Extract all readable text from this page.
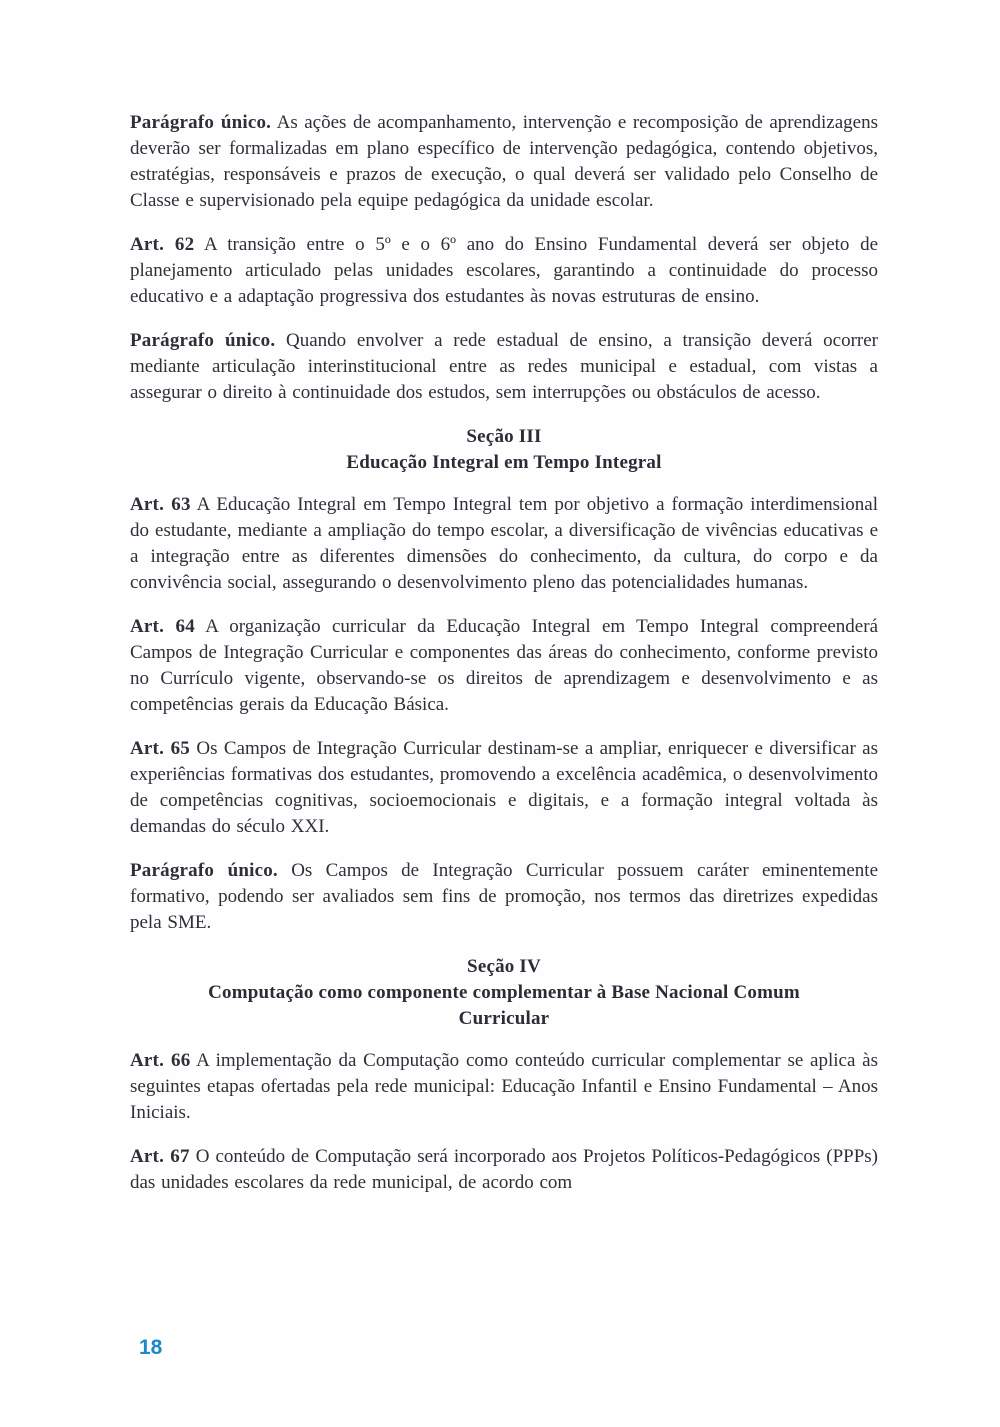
Parágrafo único. As ações de acompanhamento, intervenção e recomposição de aprendizagens deverão ser formalizadas em plano específico de intervenção pedagógica, contendo objetivos, estratégias, responsáveis e prazos de execução, o qual deverá ser validado pelo Conselho de Classe e supervisionado pela equipe pedagógica da unidade escolar.

Art. 62 A transição entre o 5º e o 6º ano do Ensino Fundamental deverá ser objeto de planejamento articulado pelas unidades escolares, garantindo a continuidade do processo educativo e a adaptação progressiva dos estudantes às novas estruturas de ensino.

Parágrafo único. Quando envolver a rede estadual de ensino, a transição deverá ocorrer mediante articulação interinstitucional entre as redes municipal e estadual, com vistas a assegurar o direito à continuidade dos estudos, sem interrupções ou obstáculos de acesso.

Seção III
Educação Integral em Tempo Integral

Art. 63 A Educação Integral em Tempo Integral tem por objetivo a formação interdimensional do estudante, mediante a ampliação do tempo escolar, a diversificação de vivências educativas e a integração entre as diferentes dimensões do conhecimento, da cultura, do corpo e da convivência social, assegurando o desenvolvimento pleno das potencialidades humanas.

Art. 64 A organização curricular da Educação Integral em Tempo Integral compreenderá Campos de Integração Curricular e componentes das áreas do conhecimento, conforme previsto no Currículo vigente, observando-se os direitos de aprendizagem e desenvolvimento e as competências gerais da Educação Básica.

Art. 65 Os Campos de Integração Curricular destinam-se a ampliar, enriquecer e diversificar as experiências formativas dos estudantes, promovendo a excelência acadêmica, o desenvolvimento de competências cognitivas, socioemocionais e digitais, e a formação integral voltada às demandas do século XXI.

Parágrafo único. Os Campos de Integração Curricular possuem caráter eminentemente formativo, podendo ser avaliados sem fins de promoção, nos termos das diretrizes expedidas pela SME.

Seção IV
Computação como componente complementar à Base Nacional Comum Curricular

Art. 66 A implementação da Computação como conteúdo curricular complementar se aplica às seguintes etapas ofertadas pela rede municipal: Educação Infantil e Ensino Fundamental – Anos Iniciais.

Art. 67 O conteúdo de Computação será incorporado aos Projetos Políticos-Pedagógicos (PPPs) das unidades escolares da rede municipal, de acordo com

18
